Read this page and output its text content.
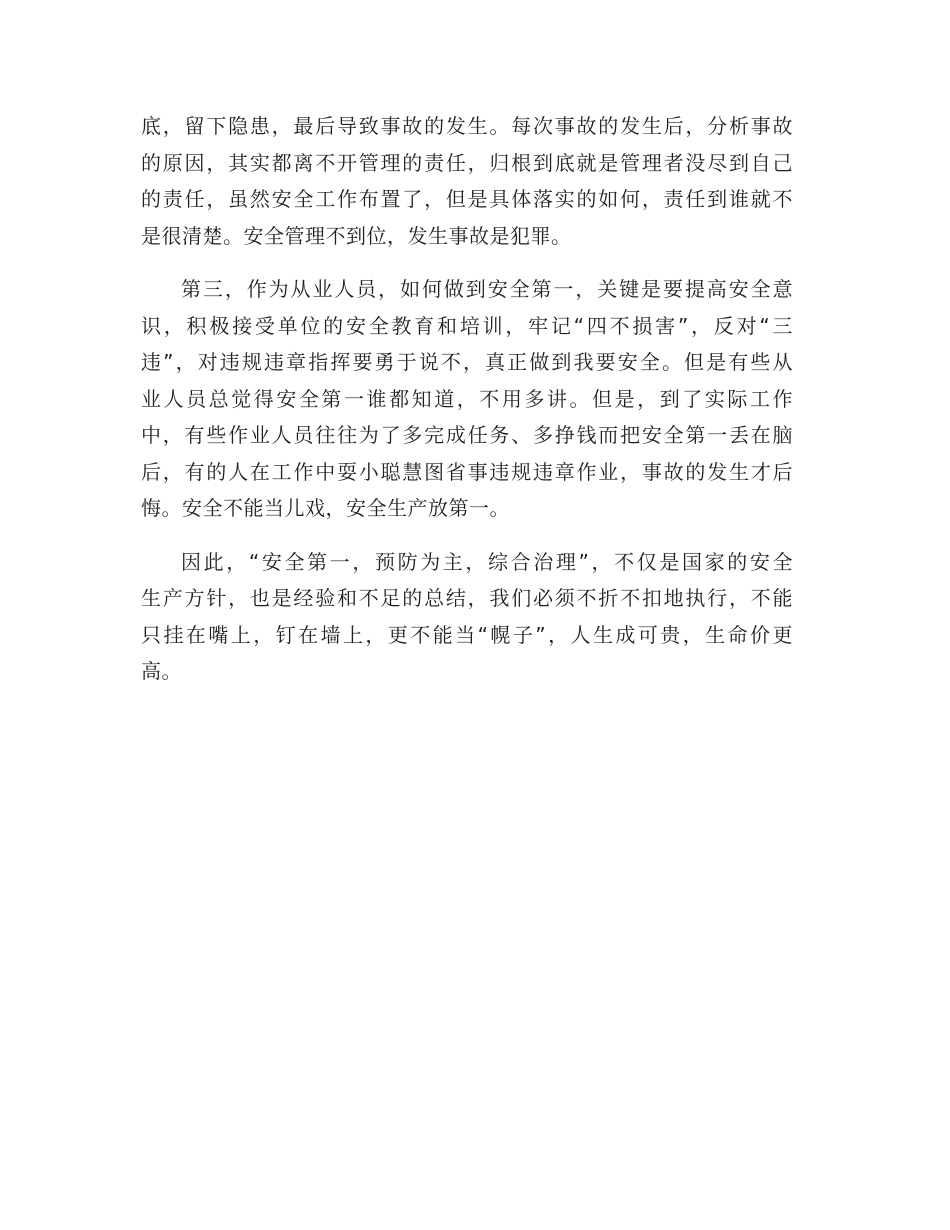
底，留下隐患，最后导致事故的发生。每次事故的发生后，分析事故
的原因，其实都离不开管理的责任，归根到底就是管理者没尽到自己
的责任，虽然安全工作布置了，但是具体落实的如何，责任到谁就不
是很清楚。安全管理不到位，发生事故是犯罪。

第三，作为从业人员，如何做到安全第一，关键是要提高安全意
识，积极接受单位的安全教育和培训，牢记“四不损害”，反对“三
违”，对违规违章指挥要勇于说不，真正做到我要安全。但是有些从
业人员总觉得安全第一谁都知道，不用多讲。但是，到了实际工作
中，有些作业人员往往为了多完成任务、多挣钱而把安全第一丢在脑
后，有的人在工作中耍小聪慧图省事违规违章作业，事故的发生才后
悔。安全不能当儿戏，安全生产放第一。

因此，“安全第一，预防为主，综合治理”，不仅是国家的安全
生产方针，也是经验和不足的总结，我们必须不折不扣地执行，不能
只挂在嘴上，钉在墙上，更不能当“幌子”，人生成可贵，生命价更
高。
